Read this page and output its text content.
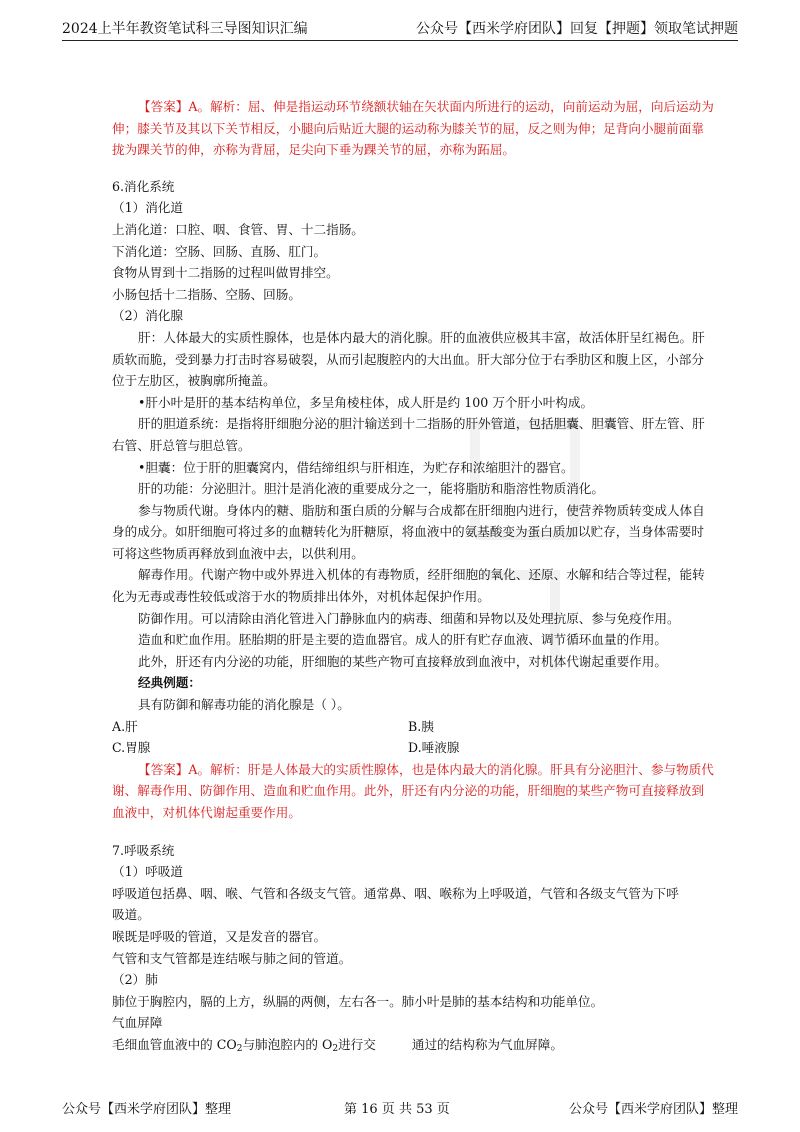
2024上半年教资笔试科三导图知识汇编	公众号【西米学府团队】回复【押题】领取笔试押题
【答案】A。解析：屈、伸是指运动环节绕额状轴在矢状面内所进行的运动，向前运动为屈，向后运动为
伸；膝关节及其以下关节相反，小腿向后贴近大腿的运动称为膝关节的屈，反之则为伸；足背向小腿前面靠
拢为踝关节的伸，亦称为背屈，足尖向下垂为踝关节的屈，亦称为跖屈。
6.消化系统
（1）消化道
上消化道：口腔、咽、食管、胃、十二指肠。
下消化道：空肠、回肠、直肠、肛门。
食物从胃到十二指肠的过程叫做胃排空。
小肠包括十二指肠、空肠、回肠。
（2）消化腺
肝：人体最大的实质性腺体，也是体内最大的消化腺。肝的血液供应极其丰富，故活体肝呈红褐色。肝
质软而脆，受到暴力打击时容易破裂，从而引起腹腔内的大出血。肝大部分位于右季肋区和腹上区，小部分
位于左肋区，被胸廓所掩盖。
•肝小叶是肝的基本结构单位，多呈角棱柱体，成人肝是约 100 万个肝小叶构成。
肝的胆道系统：是指将肝细胞分泌的胆汁输送到十二指肠的肝外管道，包括胆囊、胆囊管、肝左管、肝
右管、肝总管与胆总管。
•胆囊：位于肝的胆囊窝内，借结缔组织与肝相连，为贮存和浓缩胆汁的器官。
肝的功能：分泌胆汁。胆汁是消化液的重要成分之一，能将脂肪和脂溶性物质消化。
参与物质代谢。身体内的糖、脂肪和蛋白质的分解与合成都在肝细胞内进行，使营养物质转变成人体自
身的成分。如肝细胞可将过多的血糖转化为肝糖原，将血液中的氨基酸变为蛋白质加以贮存，当身体需要时
可将这些物质再释放到血液中去，以供利用。
解毒作用。代谢产物中或外界进入机体的有毒物质，经肝细胞的氧化、还原、水解和结合等过程，能转
化为无毒或毒性较低或溶于水的物质排出体外，对机体起保护作用。
防御作用。可以清除由消化管进入门静脉血内的病毒、细菌和异物以及处理抗原、参与免疫作用。
造血和贮血作用。胚胎期的肝是主要的造血器官。成人的肝有贮存血液、调节循环血量的作用。
此外，肝还有内分泌的功能，肝细胞的某些产物可直接释放到血液中，对机体代谢起重要作用。
经典例题：
具有防御和解毒功能的消化腺是（ ）。
A.肝	B.胰
C.胃腺	D.唾液腺
【答案】A。解析：肝是人体最大的实质性腺体，也是体内最大的消化腺。肝具有分泌胆汁、参与物质代
谢、解毒作用、防御作用、造血和贮血作用。此外，肝还有内分泌的功能，肝细胞的某些产物可直接释放到
血液中，对机体代谢起重要作用。
7.呼吸系统
（1）呼吸道
呼吸道包括鼻、咽、喉、气管和各级支气管。通常鼻、咽、喉称为上呼吸道，气管和各级支气管为下呼
吸道。
喉既是呼吸的管道，又是发音的器官。
气管和支气管都是连结喉与肺之间的管道。
（2）肺
肺位于胸腔内，膈的上方，纵膈的两侧，左右各一。肺小叶是肺的基本结构和功能单位。
气血屏障
毛细血管血液中的 $CO_2$与肺泡腔内的 $O_2$进行交	通过的结构称为气血屏障。
公众号【西米学府团队】整理	第 16 页 共 53 页	公众号【西米学府团队】整理
